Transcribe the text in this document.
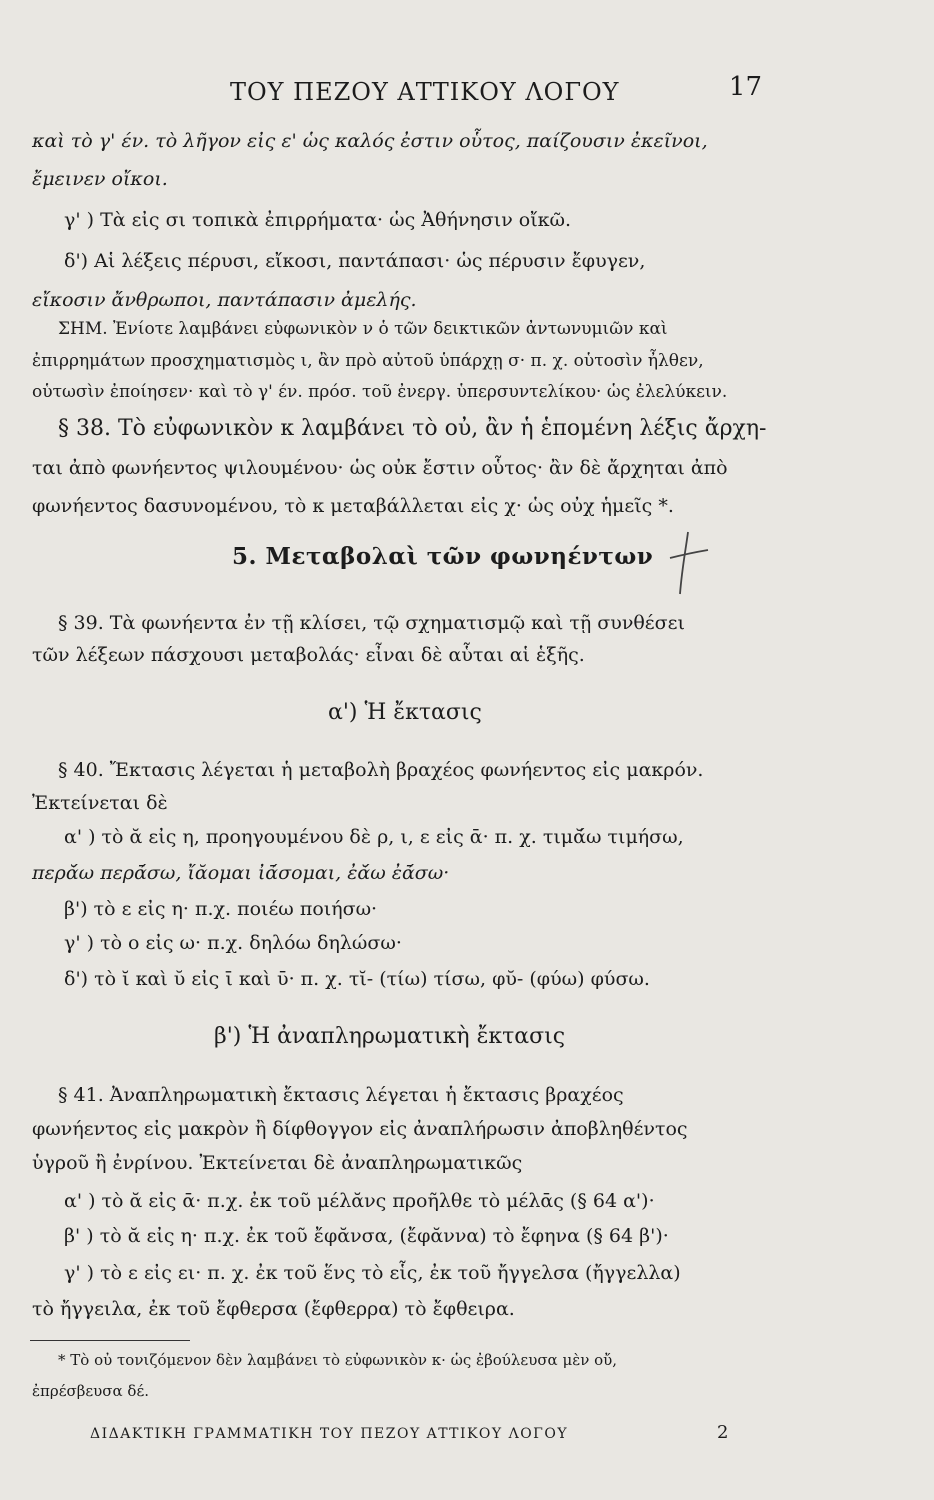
ΤΟΥ ΠΕΖΟΥ ΑΤΤΙΚΟΥ ΛΟΓΟΥ	17
καὶ τὸ γ' έν. τὸ λῆγον εἰς ε' ὡς καλός ἐστιν οὗτος, παίζουσιν ἐκεῖνοι,
ἔμεινεν οἴκοι.
γ' ) Τὰ εἰς σι τοπικὰ ἐπιρρήματα· ὡς Ἀθήνησιν οἴκῶ.
δ') Αἱ λέξεις πέρυσι, εἴκοσι, παντάπασι· ὡς πέρυσιν ἔφυγεν,
εἴκοσιν ἄνθρωποι, παντάπασιν ἀμελής.
ΣΗΜ. Ἐνίοτε λαμβάνει εὐφωνικὸν ν ὁ τῶν δεικτικῶν ἀντωνυμιῶν καὶ
ἐπιρρημάτων προσχηματισμὸς ι, ἂν πρὸ αὐτοῦ ὑπάρχῃ σ· π. χ. οὑτοσὶν ἦλθεν,
οὑτωσὶν ἐποίησεν· καὶ τὸ γ' έν. πρόσ. τοῦ ἐνεργ. ὑπερσυντελίκου· ὡς ἐλελύκειν.
§ 38. Τὸ εὐφωνικὸν κ λαμβάνει τὸ οὐ, ἂν ἡ ἑπομένη λέξις ἄρχη-
ται ἀπὸ φωνήεντος ψιλουμένου· ὡς οὐκ ἔστιν οὗτος· ἂν δὲ ἄρχηται ἀπὸ
φωνήεντος δασυνομένου, τὸ κ μεταβάλλεται εἰς χ· ὡς οὐχ ἡμεῖς *.
§ 39. Τὰ φωνήεντα ἐν τῇ κλίσει, τῷ σχηματισμῷ καὶ τῇ συνθέσει
τῶν λέξεων πάσχουσι μεταβολάς· εἶναι δὲ αὗται αἱ ἑξῆς.
§ 40. Ἔκτασις λέγεται ἡ μεταβολὴ βραχέος φωνήεντος εἰς μακρόν.
Ἐκτείνεται δὲ
α' ) τὸ ᾰ εἰς η, προηγουμένου δὲ ρ, ι, ε εἰς ᾱ· π. χ. τιμᾰ́ω τιμήσω,
περᾰ́ω περᾱ́σω, ἴᾰομαι ἰᾱ́σομαι, ἐᾰ́ω ἐᾱ́σω·
β') τὸ ε εἰς η· π.χ. ποιέω ποιήσω·
γ' ) τὸ ο εἰς ω· π.χ. δηλόω δηλώσω·
δ') τὸ ῐ καὶ ῠ εἰς ῑ καὶ ῡ· π. χ. τῐ- (τίω) τίσω, φῠ- (φύω) φύσω.
§ 41. Ἀναπληρωματικὴ ἔκτασις λέγεται ἡ ἔκτασις βραχέος
φωνήεντος εἰς μακρὸν ἢ δίφθογγον εἰς ἀναπλήρωσιν ἀποβληθέντος
ὑγροῦ ἢ ἐνρίνου. Ἐκτείνεται δὲ ἀναπληρωματικῶς
α' ) τὸ ᾰ εἰς ᾱ· π.χ. ἐκ τοῦ μέλᾰνς προῆλθε τὸ μέλᾱς (§ 64 α')·
β' ) τὸ ᾰ εἰς η· π.χ. ἐκ τοῦ ἔφᾰνσα, (ἔφᾰννα) τὸ ἔφηνα (§ 64 β')·
γ' ) τὸ ε εἰς ει· π. χ. ἐκ τοῦ ἕνς τὸ εἷς, ἐκ τοῦ ἤγγελσα (ἤγγελλα)
τὸ ἤγγειλα, ἐκ τοῦ ἔφθερσα (ἔφθερρα) τὸ ἔφθειρα.
5. Μεταβολαὶ τῶν φωνηέντων
α') Ἡ ἔκτασις
β') Ἡ ἀναπληρωματικὴ ἔκτασις
* Τὸ οὐ τονιζόμενον δὲν λαμβάνει τὸ εὐφωνικὸν κ· ὡς ἐβούλευσα μὲν οὔ,
ἐπρέσβευσα δέ.
ΔΙΔΑΚΤΙΚΗ ΓΡΑΜΜΑΤΙΚΗ ΤΟΥ ΠΕΖΟΥ ΑΤΤΙΚΟΥ ΛΟΓΟΥ	2
